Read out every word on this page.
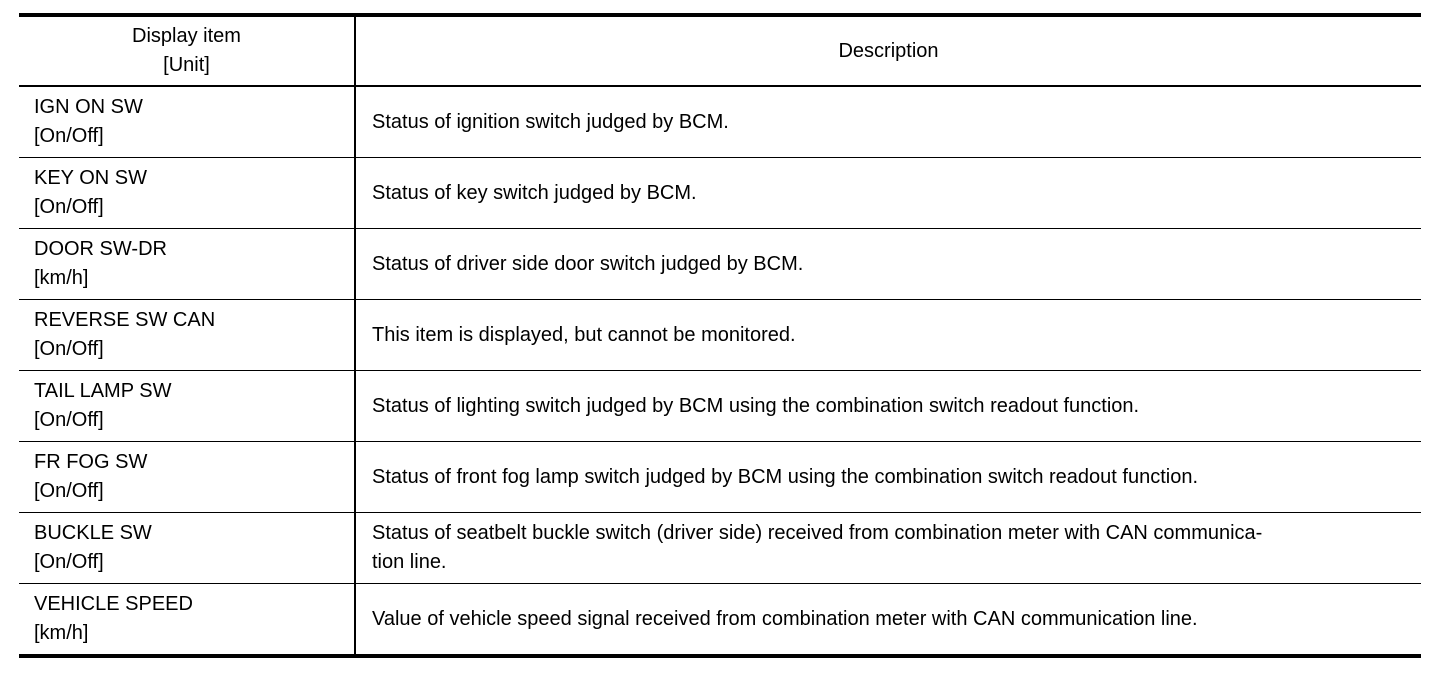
Display item
[Unit]	Description

IGN ON SW
[On/Off]	Status of ignition switch judged by BCM.

KEY ON SW
[On/Off]	Status of key switch judged by BCM.

DOOR SW-DR
[km/h]	Status of driver side door switch judged by BCM.

REVERSE SW CAN
[On/Off]	This item is displayed, but cannot be monitored.

TAIL LAMP SW
[On/Off]	Status of lighting switch judged by BCM using the combination switch readout function.

FR FOG SW
[On/Off]	Status of front fog lamp switch judged by BCM using the combination switch readout function.

BUCKLE SW
[On/Off]	Status of seatbelt buckle switch (driver side) received from combination meter with CAN communica-
tion line.

VEHICLE SPEED
[km/h]	Value of vehicle speed signal received from combination meter with CAN communication line.
